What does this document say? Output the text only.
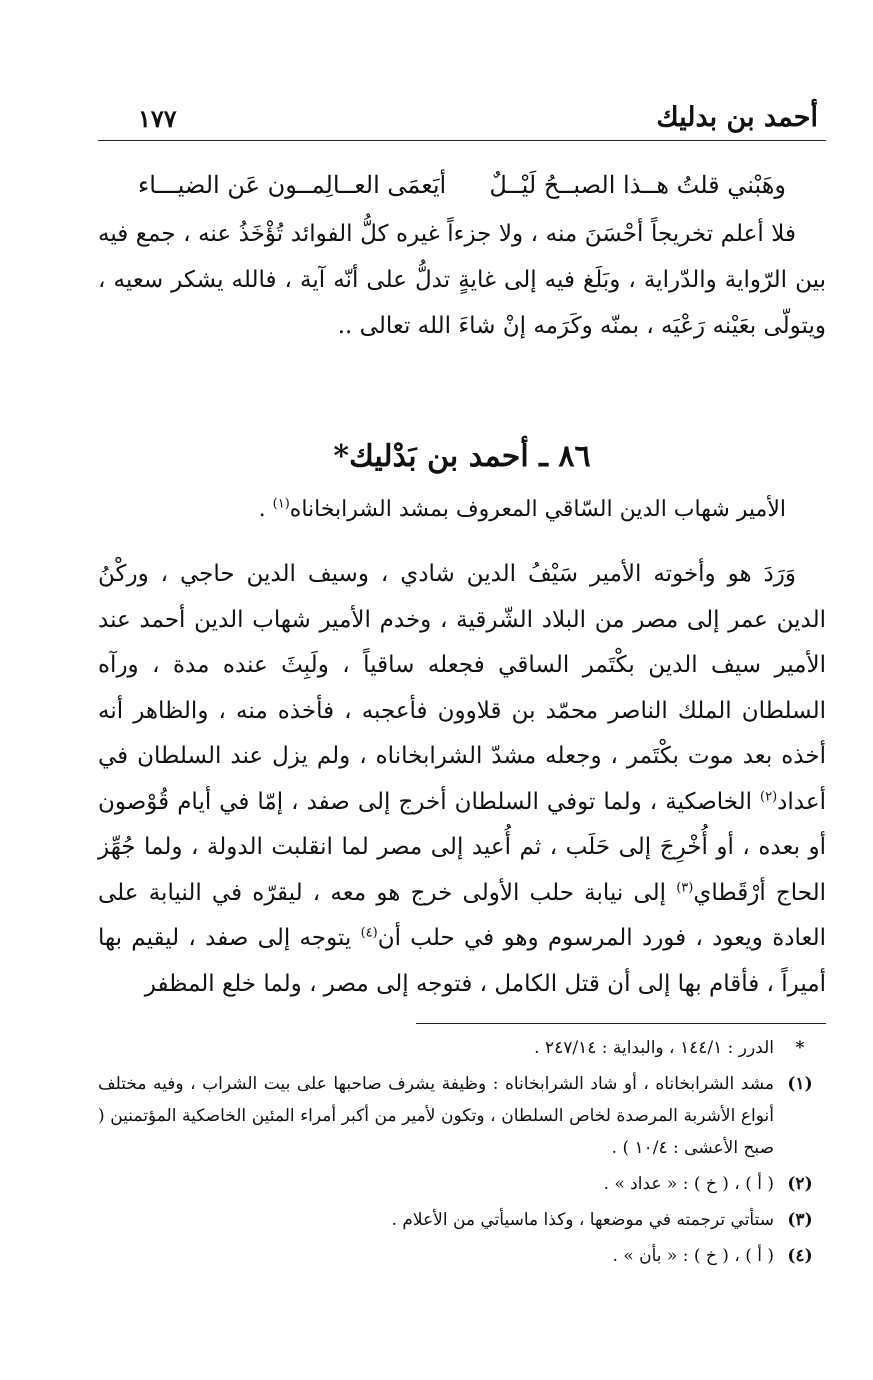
أحمد بن بدليك
١٧٧
وهَبْني قلتُ هــذا الصبــحُ لَيْــلٌ
أيَعمَى العــالِمــون عَن الضيـــاء

فلا أعلم تخريجاً أحْسَنَ منه ، ولا جزءاً غيره كلُّ الفوائد تُؤْخَذُ عنه ، جمع فيه بين الرّواية والدّراية ، وبَلَغ فيه إلى غايةٍ تدلُّ على أنّه آية ، فالله يشكر سعيه ، ويتولّى بعَيْنه رَعْيَه ، بمنّه وكَرَمه إنْ شاءَ الله تعالى ..

٨٦ ـ أحمد بن بَدْليك*
الأمير شهاب الدين السّاقي المعروف بمشد الشرابخاناه$^{(١)}$ .

وَرَدَ هو وأخوته الأمير سَيْفُ الدين شادي ، وسيف الدين حاجي ، وركْنُ الدين عمر إلى مصر من البلاد الشّرقية ، وخدم الأمير شهاب الدين أحمد عند الأمير سيف الدين بكْتَمر الساقي فجعله ساقياً ، ولَبِثَ عنده مدة ، ورآه السلطان الملك الناصر محمّد بن قلاوون فأعجبه ، فأخذه منه ، والظاهر أنه أخذه بعد موت بكْتَمر ، وجعله مشدّ الشرابخاناه ، ولم يزل عند السلطان في أعداد$^{(٢)}$ الخاصكية ، ولما توفي السلطان أخرج إلى صفد ، إمّا في أيام قُوْصون أو بعده ، أو أُخْرِجَ إلى حَلَب ، ثم أُعيد إلى مصر لما انقلبت الدولة ، ولما جُهِّز الحاج أرْقَطاي$^{(٣)}$ إلى نيابة حلب الأولى خرج هو معه ، ليقرّه في النيابة على العادة ويعود ، فورد المرسوم وهو في حلب أن$^{(٤)}$ يتوجه إلى صفد ، ليقيم بها أميراً ، فأقام بها إلى أن قتل الكامل ، فتوجه إلى مصر ، ولما خلع المظفر

*
الدرر : ١٤٤/١ ، والبداية : ٢٤٧/١٤ .
(١)
مشد الشرابخاناه ، أو شاد الشرابخاناه : وظيفة يشرف صاحبها على بيت الشراب ، وفيه مختلف أنواع الأشربة المرصدة لخاص السلطان ، وتكون لأمير من أكبر أمراء المئين الخاصكية المؤتمنين ( صبح الأعشى : ١٠/٤ ) .
(٢)
( أ ) ، ( خ ) : « عداد » .
(٣)
ستأتي ترجمته في موضعها ، وكذا ماسيأتي من الأعلام .
(٤)
( أ ) ، ( خ ) : « بأن » .
